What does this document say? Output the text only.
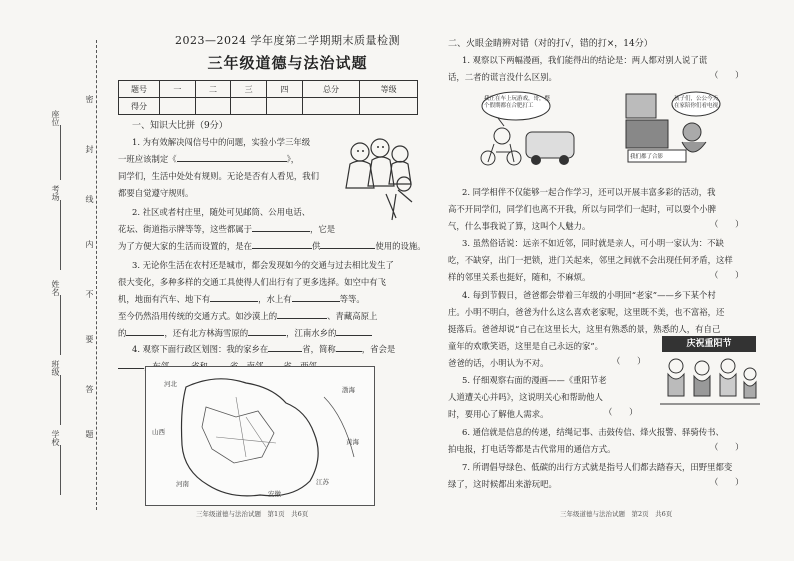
座位
考场
姓名
班级
学校
密
封
线
内
不
要
答
题
2023—2024 学年度第二学期期末质量检测
三年级道德与法治试题
题号	一	二	三	四	总分	等级
得分						
一、知识大比拼（9分）
1. 为有效解决闯信号中的问题，实验小学三年级
一班应该制定《	》，
同学们，生活中处处有规则。无论是否有人看见，我们
都要自觉遵守规则。
2. 社区或者村庄里，随处可见邮筒、公用电话、
花坛、街道指示牌等等，这些都属于	，它是
为了方便大家的生活而设置的，是在	供	使用的设施。
3. 无论你生活在农村还是城市，都会发现如今的交通与过去相比发生了
很大变化，多种多样的交通工具使得人们出行有了更多选择。如空中有飞
机，地面有汽车、地下有	，水上有	等等。
至今仍然沿用传统的交通方式。如沙漠上的	、青藏高原上
的	，还有北方林海雪原的	，江南水乡的
4. 观察下面行政区划图：我的家乡在	省，简称	，省会是
河北
山西
河南
安徽
江苏
黄海
渤海
三年级道德与法治试题　第1页　共6页
二、火眼金睛辨对错（对的打√，错的打×，14分）
1. 观察以下两幅漫画，我们能得出的结论是：两人都对别人说了谎
话，二者的谎言没什么区别。	（　　）
我正在车上玩游戏，哥，整个假期都在合肥打工
孩子们，公公今天在家陪你们看电视
我们都了合影
2. 同学相伴不仅能够一起合作学习，还可以开展丰富多彩的活动，我
高不开同学们，同学们也离不开我，所以与同学们一起时，可以耍个小脾
气，什么事我说了算，这叫个人魅力。	（　　）
3. 虽然俗话说：远亲不如近邻，同时就是亲人，可小明一家认为：不缺
吃，不缺穿，出门一把锁，进门关起来，邻里之间就不会出现任何矛盾，这样
样的邻里关系也挺好，随和，不麻烦。	（　　）
4. 每到节假日，爸爸都会带着三年级的小明回“老家”——乡下某个村
庄。小明不明白，爸爸为什么这么喜欢老家呢，这里既不美，也不富裕，还
挺落后。爸爸却说“自己在这里长大，这里有熟悉的景，熟悉的人，有自己
童年的欢歌笑语，这里是自己永远的家”。
爸爸的话，小明认为不对。	（　　）
庆祝重阳节
5. 仔细观察右面的漫画——《重阳节老
人道遭关心并吗》，这说明关心和帮助他人
时，要用心了解他人需求。	（　　）
6. 通信就是信息的传递，结绳记事、击鼓传信、烽火报警、驿骑传书、
拍电报，打电话等都是古代常用的通信方式。	（　　）
7. 所谓倡导绿色、低碳的出行方式就是指号人们都去踏春天，田野里都变
绿了，这时候都出来游玩吧。	（　　）
三年级道德与法治试题　第2页　共6页
